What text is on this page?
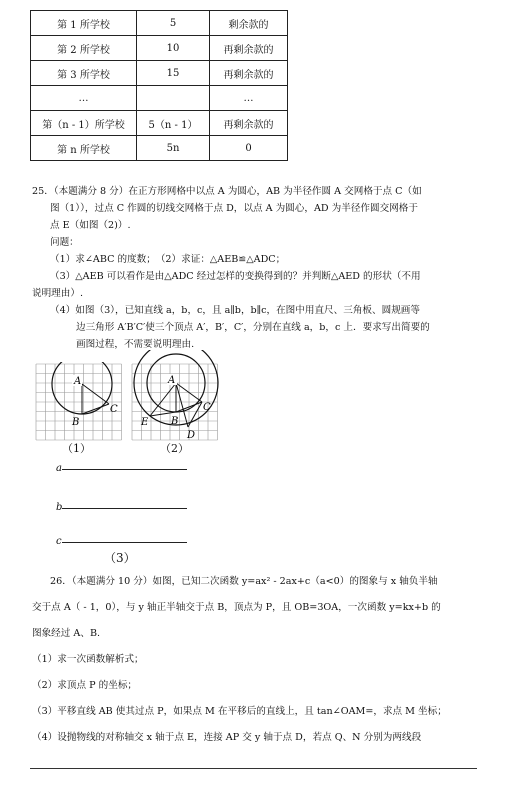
第 1 所学校	5	剩余款的
第 2 所学校	10	再剩余款的
第 3 所学校	15	再剩余款的
…		…
第（n - 1）所学校	5（n - 1）	再剩余款的
第 n 所学校	5n	0
25．（本题满分 8 分）在正方形网格中以点 A 为圆心，AB 为半径作圆 A 交网格于点 C（如
图（1）），过点 C 作圆的切线交网格于点 D，以点 A 为圆心，AD 为半径作圆交网格于
点 E（如图（2)）.
问题：
（1）求∠ABC 的度数；　（2）求证：△AEB≌△ADC；
（3）△AEB 可以看作是由△ADC 经过怎样的变换得到的？并判断△AED 的形状（不用
说明理由）.
（4）如图（3），已知直线 a，b，c，且 a∥b，b∥c，在图中用直尺、三角板、圆规画等
边三角形 A′B′C′使三个顶点 A′，B′，C′，分别在直线 a，b，c 上．要求写出简要的
画图过程，不需要说明理由.
A
B
C
（1）
A
B
C
D
E
（2）
a
b
c
（3）
26．（本题满分 10 分）如图，已知二次函数 y=ax² - 2ax+c（a<0）的图象与 x 轴负半轴
交于点 A（ - 1，0），与 y 轴正半轴交于点 B，顶点为 P，且 OB=3OA，一次函数 y=kx+b 的
图象经过 A、B.
（1）求一次函数解析式；
（2）求顶点 P 的坐标；
（3）平移直线 AB 使其过点 P，如果点 M 在平移后的直线上，且 tan∠OAM=，求点 M 坐标；
（4）设抛物线的对称轴交 x 轴于点 E，连接 AP 交 y 轴于点 D，若点 Q、N 分别为两线段
